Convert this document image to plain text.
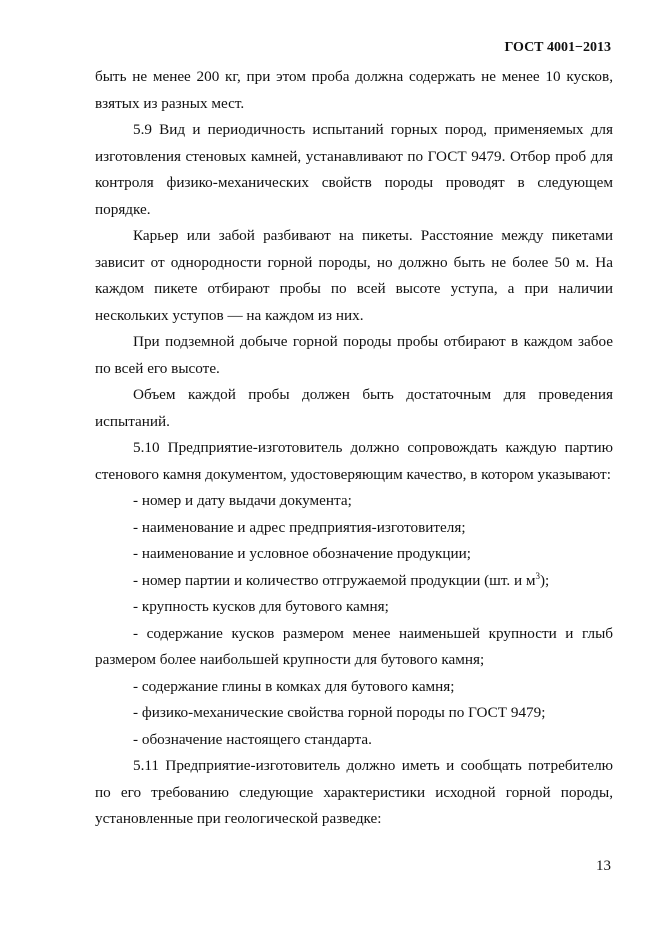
ГОСТ 4001−2013

быть не менее 200 кг, при этом проба должна содержать не менее 10 кусков, взятых из разных мест.

5.9 Вид и периодичность испытаний горных пород, применяемых для изготовления стеновых камней, устанавливают по ГОСТ 9479. Отбор проб для контроля физико-механических свойств породы проводят в следующем порядке.

Карьер или забой разбивают на пикеты. Расстояние между пикетами зависит от однородности горной породы, но должно быть не более 50 м. На каждом пикете отбирают пробы по всей высоте уступа, а при наличии нескольких уступов — на каждом из них.

При подземной добыче горной породы пробы отбирают в каждом забое по всей его высоте.

Объем каждой пробы должен быть достаточным для проведения испытаний.

5.10 Предприятие-изготовитель должно сопровождать каждую партию стенового камня документом, удостоверяющим качество, в котором указывают:

- номер и дату выдачи документа;

- наименование и адрес предприятия-изготовителя;

- наименование и условное обозначение продукции;

- номер партии и количество отгружаемой продукции (шт. и $м^3$);

- крупность кусков для бутового камня;

- содержание кусков размером менее наименьшей крупности и глыб размером более наибольшей крупности для бутового камня;

- содержание глины в комках для бутового камня;

- физико-механические свойства горной породы по ГОСТ 9479;

- обозначение настоящего стандарта.

5.11 Предприятие-изготовитель должно иметь и сообщать потребителю по его требованию следующие характеристики исходной горной породы, установленные при геологической разведке:

13
